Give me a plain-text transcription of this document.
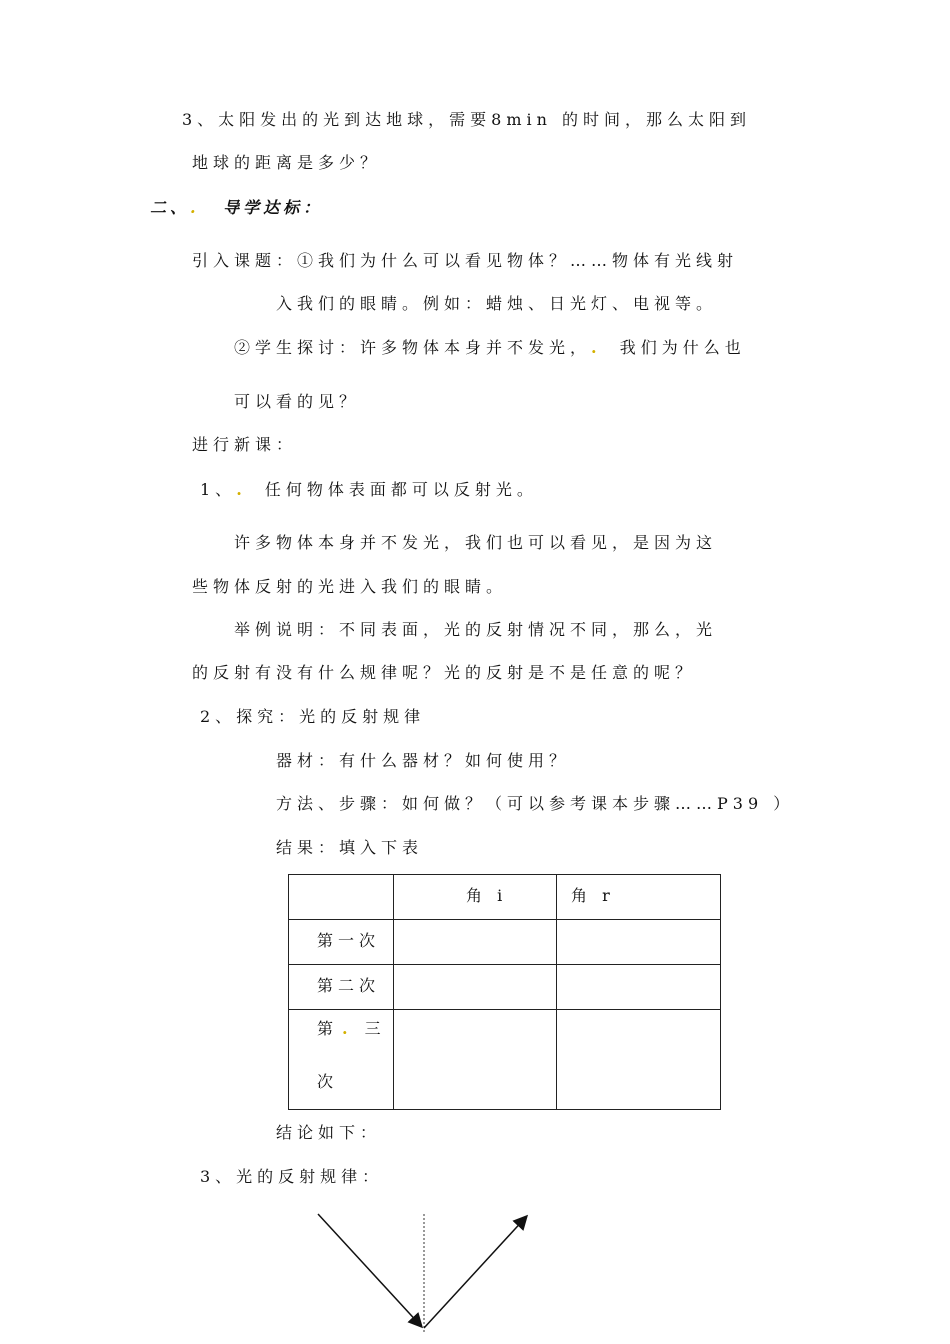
3、太阳发出的光到达地球，需要8min 的时间，那么太阳到
地球的距离是多少？
二、. 导学达标：
引入课题：①我们为什么可以看见物体？……物体有光线射
入我们的眼睛。例如：蜡烛、日光灯、电视等。
②学生探讨：许多物体本身并不发光，. 我们为什么也
可以看的见？
进行新课：
1、. 任何物体表面都可以反射光。
许多物体本身并不发光，我们也可以看见，是因为这
些物体反射的光进入我们的眼睛。
举例说明：不同表面，光的反射情况不同，那么，光
的反射有没有什么规律呢？光的反射是不是任意的呢？
2、探究：光的反射规律
器材：有什么器材？如何使用？
方法、步骤：如何做？（可以参考课本步骤……P39 ）
结果：填入下表

	角 i	角 r

第一次		

第二次		

第 . 三
次		

结论如下：
3、光的反射规律：
